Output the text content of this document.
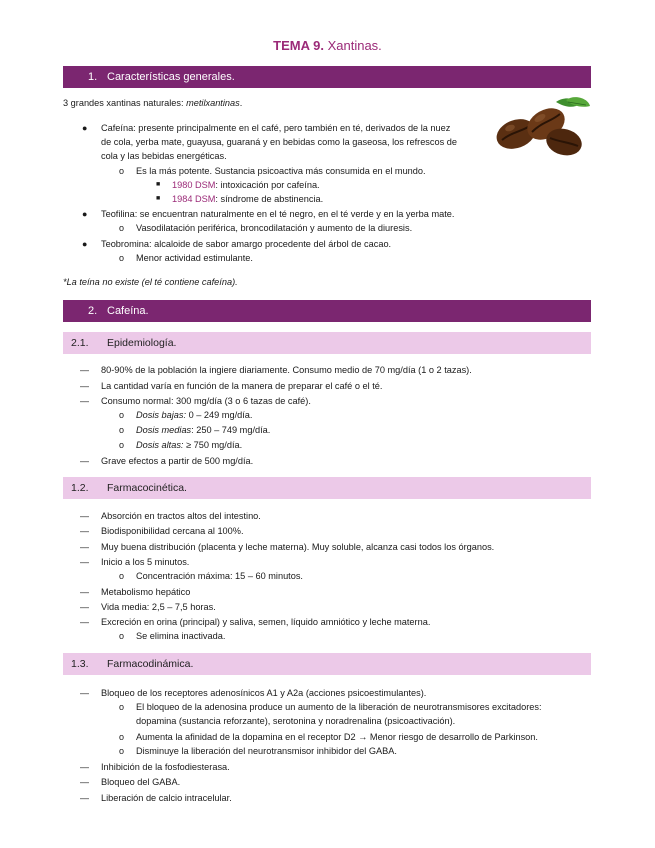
TEMA 9. Xantinas.
1. Características generales.
3 grandes xantinas naturales: metilxantinas.
● Cafeína: presente principalmente en el café, pero también en té, derivados de la nuez
de cola, yerba mate, guayusa, guaraná y en bebidas como la gaseosa, los refrescos de
cola y las bebidas energéticas.
o Es la más potente. Sustancia psicoactiva más consumida en el mundo.
■ 1980 DSM: intoxicación por cafeína.
■ 1984 DSM: síndrome de abstinencia.
● Teofilina: se encuentran naturalmente en el té negro, en el té verde y en la yerba mate.
o Vasodilatación periférica, broncodilatación y aumento de la diuresis.
● Teobromina: alcaloide de sabor amargo procedente del árbol de cacao.
o Menor actividad estimulante.
*La teína no existe (el té contiene cafeína).
2. Cafeína.
2.1. Epidemiología.
— 80-90% de la población la ingiere diariamente. Consumo medio de 70 mg/día (1 o 2 tazas).
— La cantidad varía en función de la manera de preparar el café o el té.
— Consumo normal: 300 mg/día (3 o 6 tazas de café).
o Dosis bajas: 0 – 249 mg/día.
o Dosis medias: 250 – 749 mg/día.
o Dosis altas: ≥ 750 mg/día.
— Grave efectos a partir de 500 mg/día.
1.2. Farmacocinética.
— Absorción en tractos altos del intestino.
— Biodisponibilidad cercana al 100%.
— Muy buena distribución (placenta y leche materna). Muy soluble, alcanza casi todos los órganos.
— Inicio a los 5 minutos.
o Concentración máxima: 15 – 60 minutos.
— Metabolismo hepático
— Vida media: 2,5 – 7,5 horas.
— Excreción en orina (principal) y saliva, semen, líquido amniótico y leche materna.
o Se elimina inactivada.
1.3. Farmacodinámica.
— Bloqueo de los receptores adenosínicos A1 y A2a (acciones psicoestimulantes).
o El bloqueo de la adenosina produce un aumento de la liberación de neurotransmisores excitadores:
dopamina (sustancia reforzante), serotonina y noradrenalina (psicoactivación).
o Aumenta la afinidad de la dopamina en el receptor D2 → Menor riesgo de desarrollo de Parkinson.
o Disminuye la liberación del neurotransmisor inhibidor del GABA.
— Inhibición de la fosfodiesterasa.
— Bloqueo del GABA.
— Liberación de calcio intracelular.
